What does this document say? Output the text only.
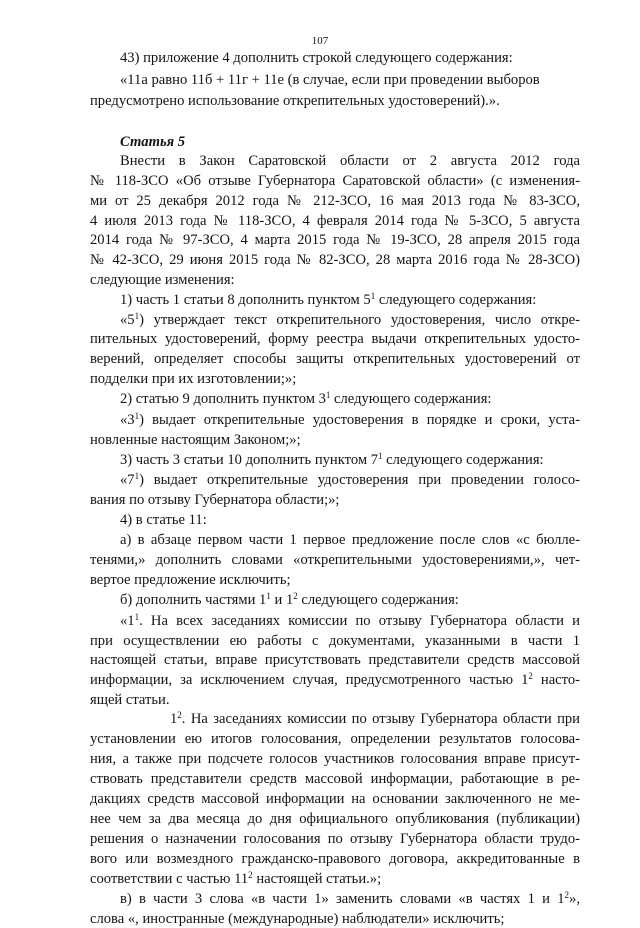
107
43) приложение 4 дополнить строкой следующего содержания:
«11а равно 11б + 11г + 11е (в случае, если при проведении выборов
предусмотрено использование открепительных удостоверений).».
Статья 5
Внести в Закон Саратовской области от 2 августа 2012 года
№ 118-ЗСО «Об отзыве Губернатора Саратовской области» (с изменения-
ми от 25 декабря 2012 года № 212-ЗСО, 16 мая 2013 года № 83-ЗСО,
4 июля 2013 года № 118-ЗСО, 4 февраля 2014 года № 5-ЗСО, 5 августа
2014 года № 97-ЗСО, 4 марта 2015 года № 19-ЗСО, 28 апреля 2015 года
№ 42-ЗСО, 29 июня 2015 года № 82-ЗСО, 28 марта 2016 года № 28-ЗСО)
следующие изменения:
1) часть 1 статьи 8 дополнить пунктом $5^1$ следующего содержания:
«$5^1$) утверждает текст открепительного удостоверения, число откре-
пительных удостоверений, форму реестра выдачи открепительных удосто-
верений, определяет способы защиты открепительных удостоверений от
подделки при их изготовлении;»;
2) статью 9 дополнить пунктом $3^1$ следующего содержания:
«$3^1$) выдает открепительные удостоверения в порядке и сроки, уста-
новленные настоящим Законом;»;
3) часть 3 статьи 10 дополнить пунктом $7^1$ следующего содержания:
«$7^1$) выдает открепительные удостоверения при проведении голосо-
вания по отзыву Губернатора области;»;
4) в статье 11:
а) в абзаце первом части 1 первое предложение после слов «с бюлле-
тенями,» дополнить словами «открепительными удостоверениями,», чет-
вертое предложение исключить;
б) дополнить частями $1^1$ и $1^2$ следующего содержания:
«$1^1$. На всех заседаниях комиссии по отзыву Губернатора области и
при осуществлении ею работы с документами, указанными в части 1
настоящей статьи, вправе присутствовать представители средств массовой
информации, за исключением случая, предусмотренного частью $1^2$ насто-
ящей статьи.
$1^2$. На заседаниях комиссии по отзыву Губернатора области при
установлении ею итогов голосования, определении результатов голосова-
ния, а также при подсчете голосов участников голосования вправе присут-
ствовать представители средств массовой информации, работающие в ре-
дакциях средств массовой информации на основании заключенного не ме-
нее чем за два месяца до дня официального опубликования (публикации)
решения о назначении голосования по отзыву Губернатора области трудо-
вого или возмездного гражданско-правового договора, аккредитованные в
соответствии с частью $11^2$ настоящей статьи.»;
в) в части 3 слова «в части 1» заменить словами «в частях 1 и $1^2$»,
слова «, иностранные (международные) наблюдатели» исключить;
